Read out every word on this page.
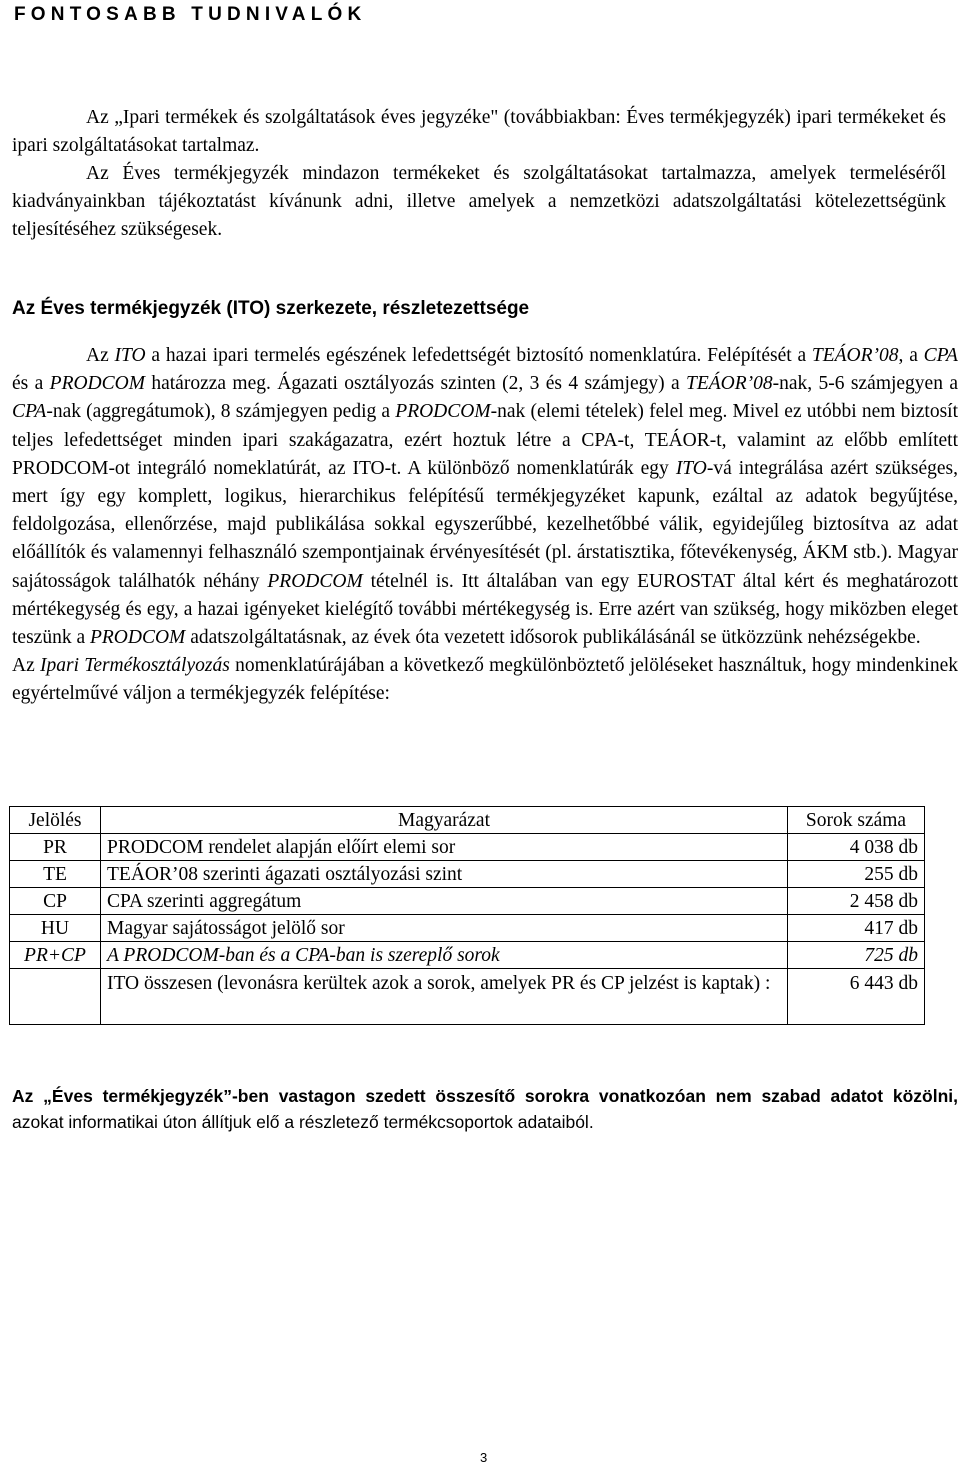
FONTOSABB TUDNIVALÓK

Az „Ipari termékek és szolgáltatások éves jegyzéke" (továbbiakban: Éves termékjegyzék) ipari termékeket és ipari szolgáltatásokat tartalmaz.

Az Éves termékjegyzék mindazon termékeket és szolgáltatásokat tartalmazza, amelyek termeléséről kiadványainkban tájékoztatást kívánunk adni, illetve amelyek a nemzetközi adatszolgáltatási kötelezettségünk teljesítéséhez szükségesek.

Az Éves termékjegyzék (ITO) szerkezete, részletezettsége

Az ITO a hazai ipari termelés egészének lefedettségét biztosító nomenklatúra. Felépítését a TEÁOR’08, a CPA és a PRODCOM határozza meg. Ágazati osztályozás szinten (2, 3 és 4 számjegy) a TEÁOR’08-nak, 5-6 számjegyen a CPA-nak (aggregátumok), 8 számjegyen pedig a PRODCOM-nak (elemi tételek) felel meg. Mivel ez utóbbi nem biztosít teljes lefedettséget minden ipari szakágazatra, ezért hoztuk létre a CPA-t, TEÁOR-t, valamint az előbb említett PRODCOM-ot integráló nomeklatúrát, az ITO-t. A különböző nomenklatúrák egy ITO-vá integrálása azért szükséges, mert így egy komplett, logikus, hierarchikus felépítésű termékjegyzéket kapunk, ezáltal az adatok begyűjtése, feldolgozása, ellenőrzése, majd publikálása sokkal egyszerűbbé, kezelhetőbbé válik, egyidejűleg biztosítva az adat előállítók és valamennyi felhasználó szempontjainak érvényesítését (pl. árstatisztika, főtevékenység, ÁKM stb.). Magyar sajátosságok találhatók néhány PRODCOM tételnél is. Itt általában van egy EUROSTAT által kért és meghatározott mértékegység és egy, a hazai igényeket kielégítő további mértékegység is. Erre azért van szükség, hogy miközben eleget teszünk a PRODCOM adatszolgáltatásnak, az évek óta vezetett idősorok publikálásánál se ütközzünk nehézségekbe.

Az Ipari Termékosztályozás nomenklatúrájában a következő megkülönböztető jelöléseket használtuk, hogy mindenkinek egyértelművé váljon a termékjegyzék felépítése:

Jelölés	Magyarázat	Sorok száma
PR	PRODCOM rendelet alapján előírt elemi sor	4 038 db
TE	TEÁOR’08 szerinti ágazati osztályozási szint	255 db
CP	CPA szerinti aggregátum	2 458 db
HU	Magyar sajátosságot jelölő sor	417 db
PR+CP	A PRODCOM-ban és a CPA-ban is szereplő sorok	725 db
	ITO összesen (levonásra kerültek azok a sorok, amelyek PR és CP jelzést is kaptak) :	6 443 db

Az „Éves termékjegyzék”-ben vastagon szedett összesítő sorokra vonatkozóan nem szabad adatot közölni, azokat informatikai úton állítjuk elő a részletező termékcsoportok adataiból.

3
